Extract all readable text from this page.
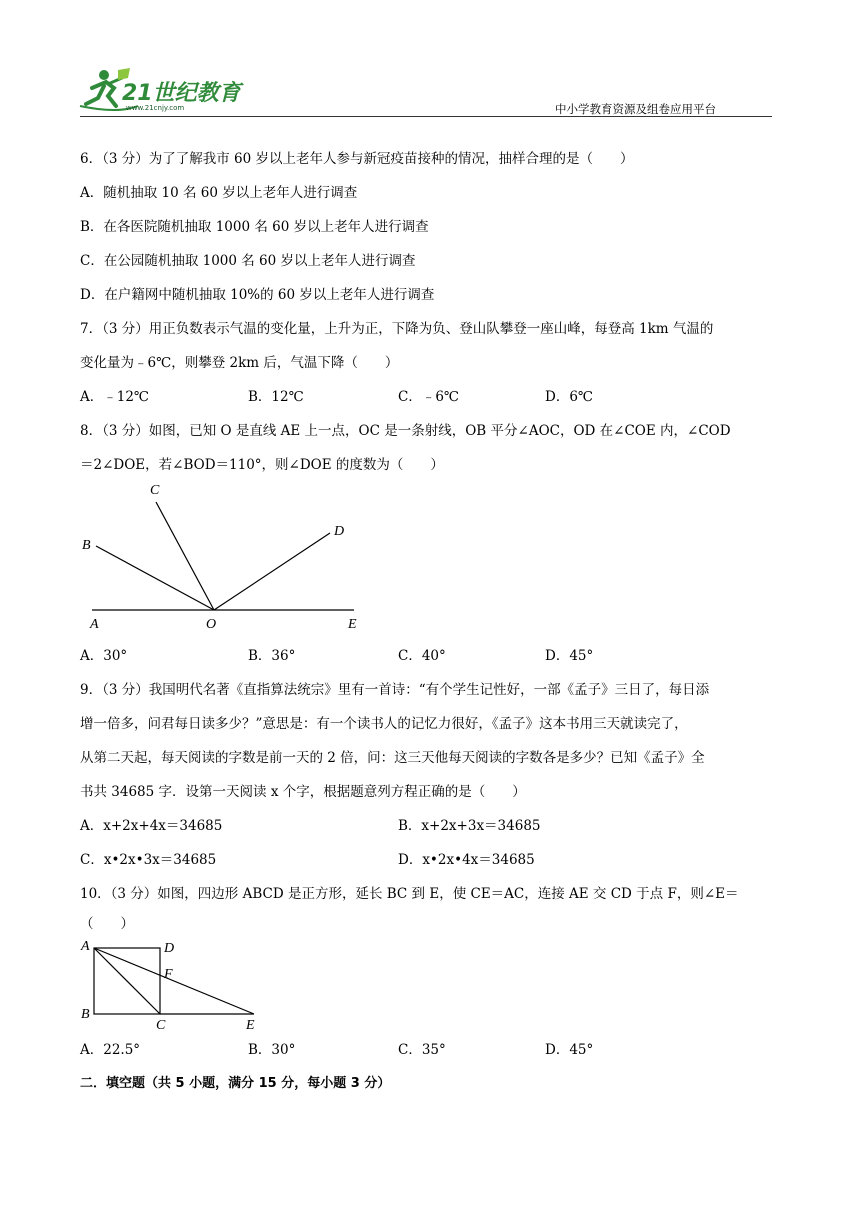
21世纪教育
www.21cnjy.com	中小学教育资源及组卷应用平台
6．（3 分）为了了解我市 60 岁以上老年人参与新冠疫苗接种的情况，抽样合理的是（　　）
A．随机抽取 10 名 60 岁以上老年人进行调查
B．在各医院随机抽取 1000 名 60 岁以上老年人进行调查
C．在公园随机抽取 1000 名 60 岁以上老年人进行调查
D．在户籍网中随机抽取 10%的 60 岁以上老年人进行调查
7．（3 分）用正负数表示气温的变化量，上升为正，下降为负、登山队攀登一座山峰，每登高 1km 气温的
变化量为﹣6℃，则攀登 2km 后，气温下降（　　）
A．﹣12℃	B．12℃	C．﹣6℃	D．6℃
8．（3 分）如图，已知 O 是直线 AE 上一点，OC 是一条射线，OB 平分∠AOC，OD 在∠COE 内，∠COD
＝2∠DOE，若∠BOD＝110°，则∠DOE 的度数为（　　）
C
B
D
A	O	E
A．30°	B．36°	C．40°	D．45°
9．（3 分）我国明代名著《直指算法统宗》里有一首诗：“有个学生记性好，一部《孟子》三日了，每日添
增一倍多，问君每日读多少？”意思是：有一个读书人的记忆力很好，《孟子》这本书用三天就读完了，
从第二天起，每天阅读的字数是前一天的 2 倍，问：这三天他每天阅读的字数各是多少？已知《孟子》全
书共 34685 字．设第一天阅读 x 个字，根据题意列方程正确的是（　　）
A．x+2x+4x＝34685	B．x+2x+3x＝34685
C．x•2x•3x＝34685	D．x•2x•4x＝34685
10．（3 分）如图，四边形 ABCD 是正方形，延长 BC 到 E，使 CE＝AC，连接 AE 交 CD 于点 F，则∠E＝
（　　）
A	D
F
B
C	E
A．22.5°	B．30°	C．35°	D．45°
二．填空题（共 5 小题，满分 15 分，每小题 3 分）
